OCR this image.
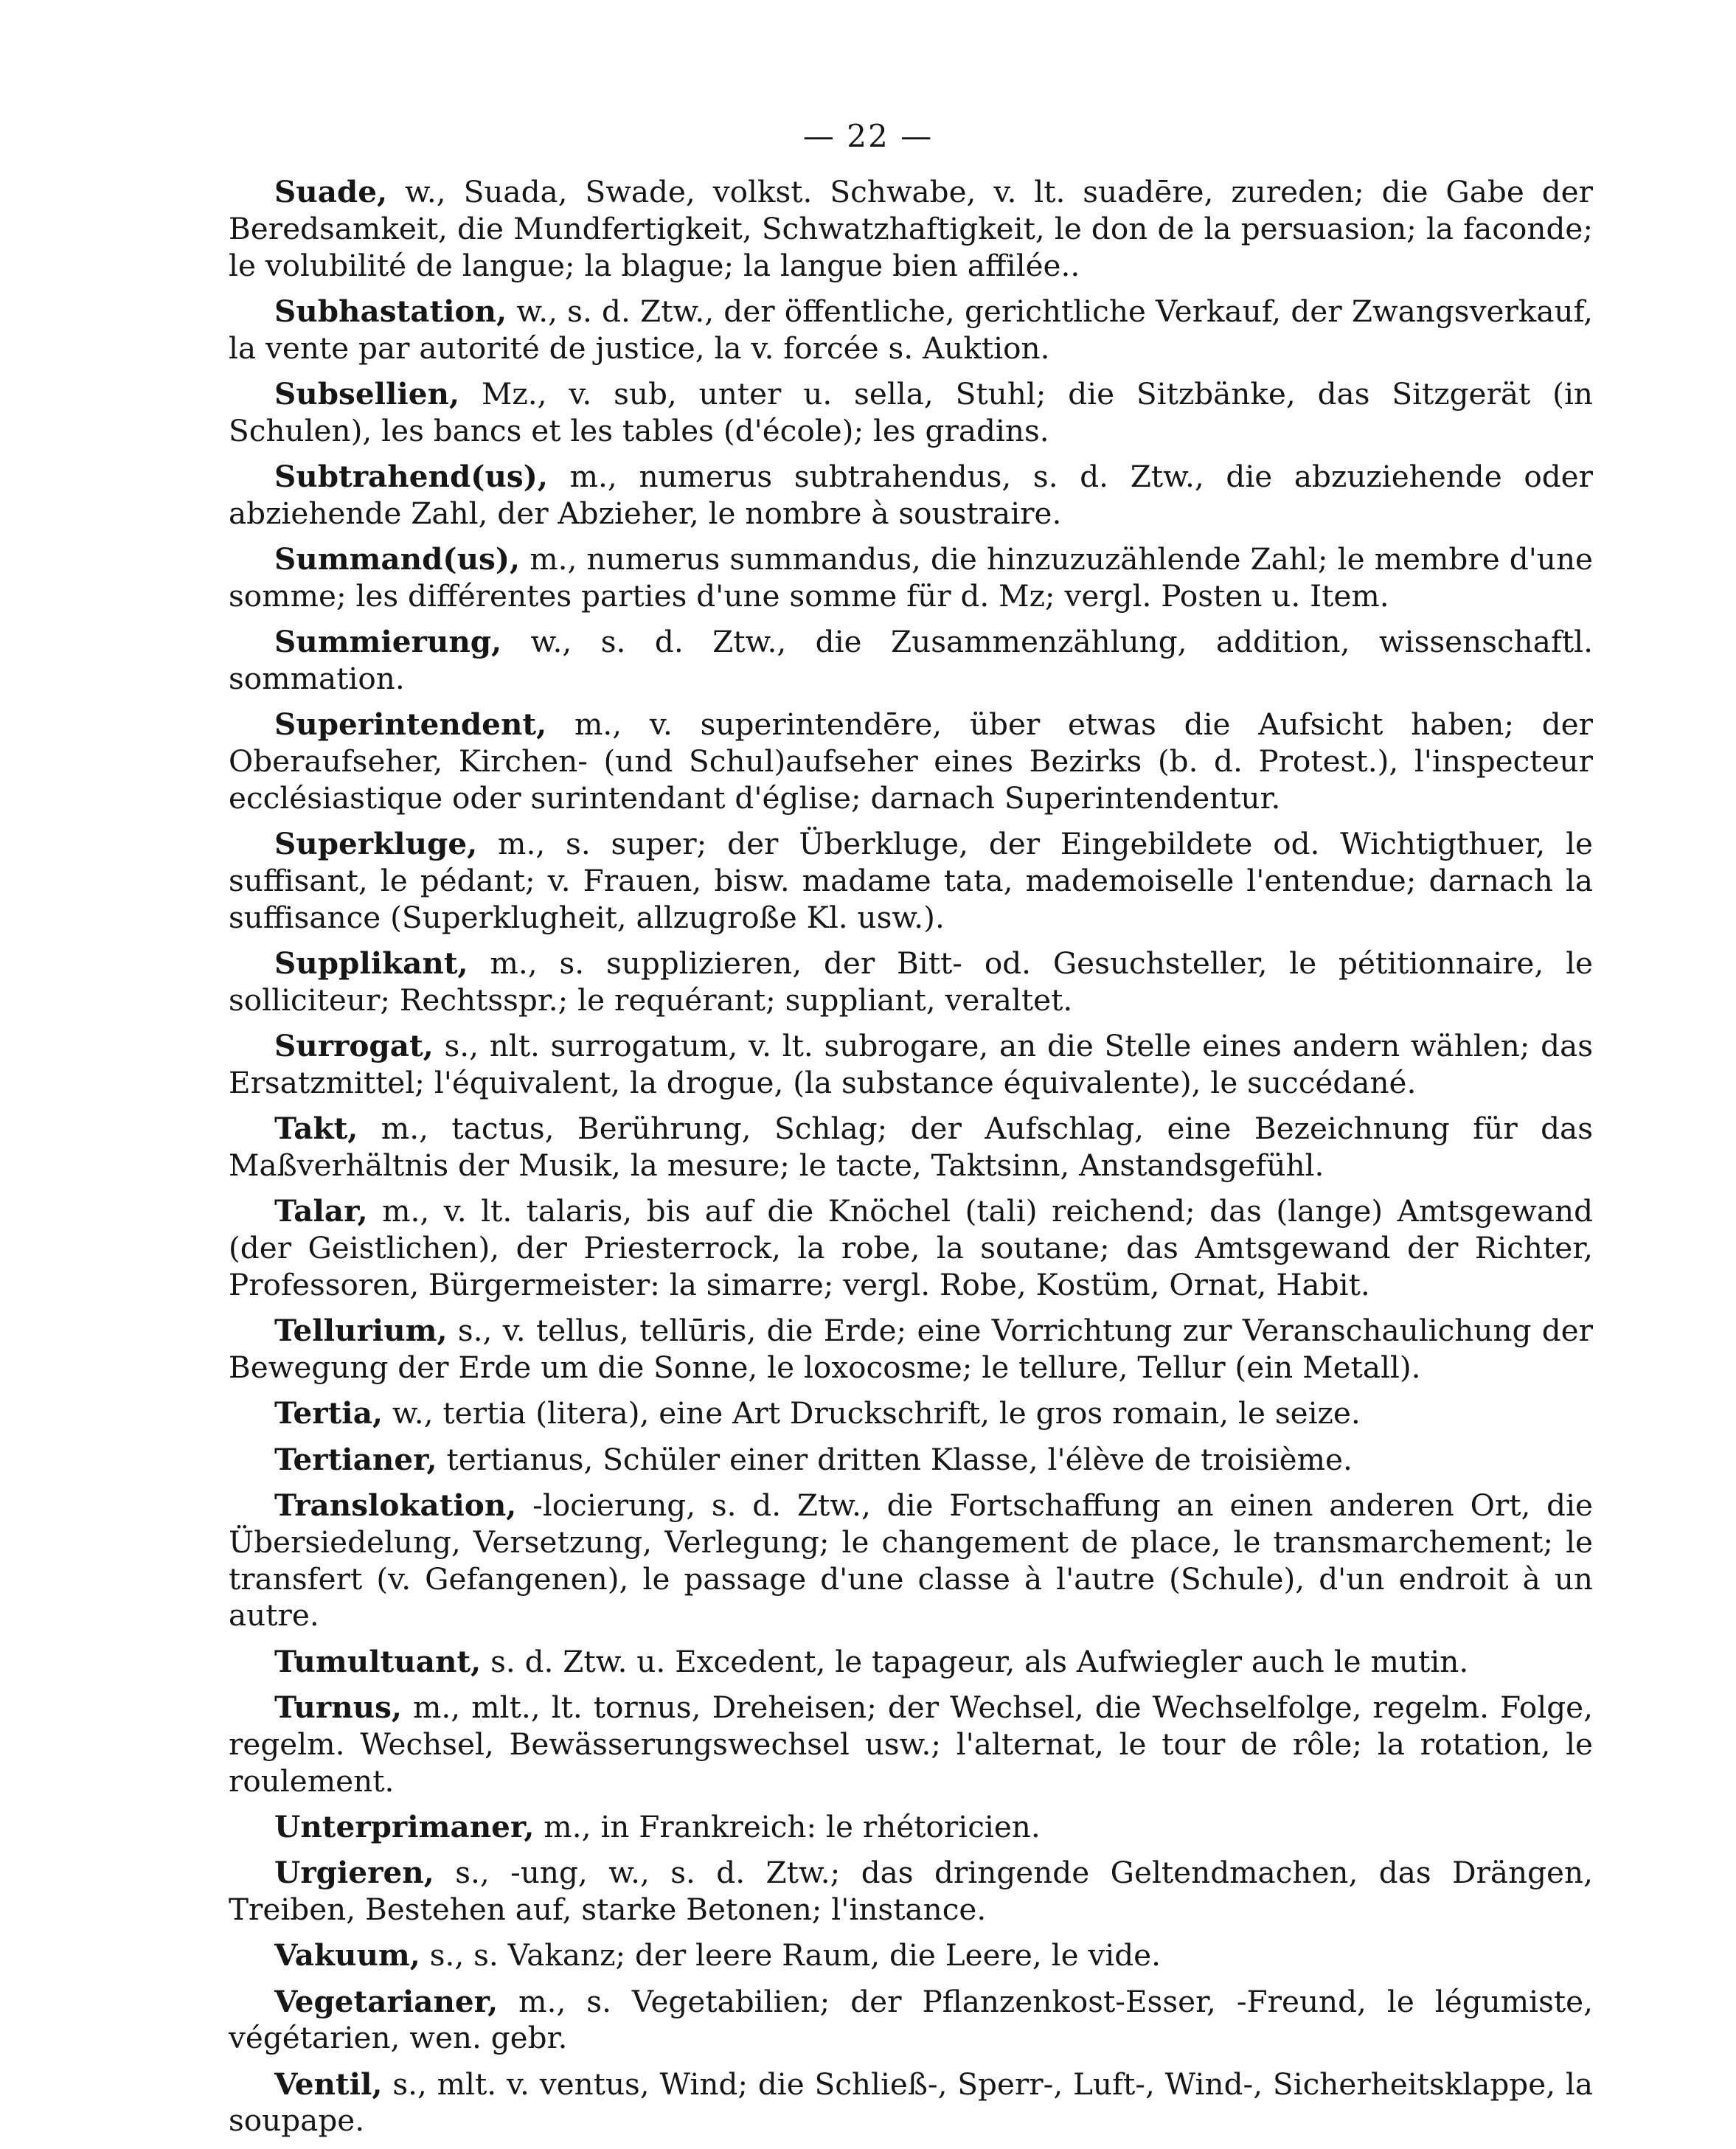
— 22 —

Suade, w., Suada, Swade, volkst. Schwabe, v. lt. suadēre, zureden; die Gabe der Beredsamkeit, die Mundfertigkeit, Schwatzhaftigkeit, le don de la persuasion; la faconde; le volubilité de langue; la blague; la langue bien affilée..

Subhastation, w., s. d. Ztw., der öffentliche, gerichtliche Verkauf, der Zwangsverkauf, la vente par autorité de justice, la v. forcée s. Auktion.

Subsellien, Mz., v. sub, unter u. sella, Stuhl; die Sitzbänke, das Sitzgerät (in Schulen), les bancs et les tables (d'école); les gradins.

Subtrahend(us), m., numerus subtrahendus, s. d. Ztw., die abzuziehende oder abziehende Zahl, der Abzieher, le nombre à soustraire.

Summand(us), m., numerus summandus, die hinzuzuzählende Zahl; le membre d'une somme; les différentes parties d'une somme für d. Mz; vergl. Posten u. Item.

Summierung, w., s. d. Ztw., die Zusammenzählung, addition, wissenschaftl. sommation.

Superintendent, m., v. superintendēre, über etwas die Aufsicht haben; der Oberaufseher, Kirchen- (und Schul)aufseher eines Bezirks (b. d. Protest.), l'inspecteur ecclésiastique oder surintendant d'église; darnach Superintendentur.

Superkluge, m., s. super; der Überkluge, der Eingebildete od. Wichtigthuer, le suffisant, le pédant; v. Frauen, bisw. madame tata, mademoiselle l'entendue; darnach la suffisance (Superklugheit, allzugroße Kl. usw.).

Supplikant, m., s. supplizieren, der Bitt- od. Gesuchsteller, le pétitionnaire, le solliciteur; Rechtsspr.; le requérant; suppliant, veraltet.

Surrogat, s., nlt. surrogatum, v. lt. subrogare, an die Stelle eines andern wählen; das Ersatzmittel; l'équivalent, la drogue, (la substance équivalente), le succédané.

Takt, m., tactus, Berührung, Schlag; der Aufschlag, eine Bezeichnung für das Maßverhältnis der Musik, la mesure; le tacte, Taktsinn, Anstandsgefühl.

Talar, m., v. lt. talaris, bis auf die Knöchel (tali) reichend; das (lange) Amtsgewand (der Geistlichen), der Priesterrock, la robe, la soutane; das Amtsgewand der Richter, Professoren, Bürgermeister: la simarre; vergl. Robe, Kostüm, Ornat, Habit.

Tellurium, s., v. tellus, tellūris, die Erde; eine Vorrichtung zur Veranschaulichung der Bewegung der Erde um die Sonne, le loxocosme; le tellure, Tellur (ein Metall).

Tertia, w., tertia (litera), eine Art Druckschrift, le gros romain, le seize.

Tertianer, tertianus, Schüler einer dritten Klasse, l'élève de troisième.

Translokation, -locierung, s. d. Ztw., die Fortschaffung an einen anderen Ort, die Übersiedelung, Versetzung, Verlegung; le changement de place, le transmarchement; le transfert (v. Gefangenen), le passage d'une classe à l'autre (Schule), d'un endroit à un autre.

Tumultuant, s. d. Ztw. u. Excedent, le tapageur, als Aufwiegler auch le mutin.

Turnus, m., mlt., lt. tornus, Dreheisen; der Wechsel, die Wechselfolge, regelm. Folge, regelm. Wechsel, Bewässerungswechsel usw.; l'alternat, le tour de rôle; la rotation, le roulement.

Unterprimaner, m., in Frankreich: le rhétoricien.

Urgieren, s., -ung, w., s. d. Ztw.; das dringende Geltendmachen, das Drängen, Treiben, Bestehen auf, starke Betonen; l'instance.

Vakuum, s., s. Vakanz; der leere Raum, die Leere, le vide.

Vegetarianer, m., s. Vegetabilien; der Pflanzenkost-Esser, -Freund, le légumiste, végétarien, wen. gebr.

Ventil, s., mlt. v. ventus, Wind; die Schließ-, Sperr-, Luft-, Wind-, Sicherheitsklappe, la soupape.
